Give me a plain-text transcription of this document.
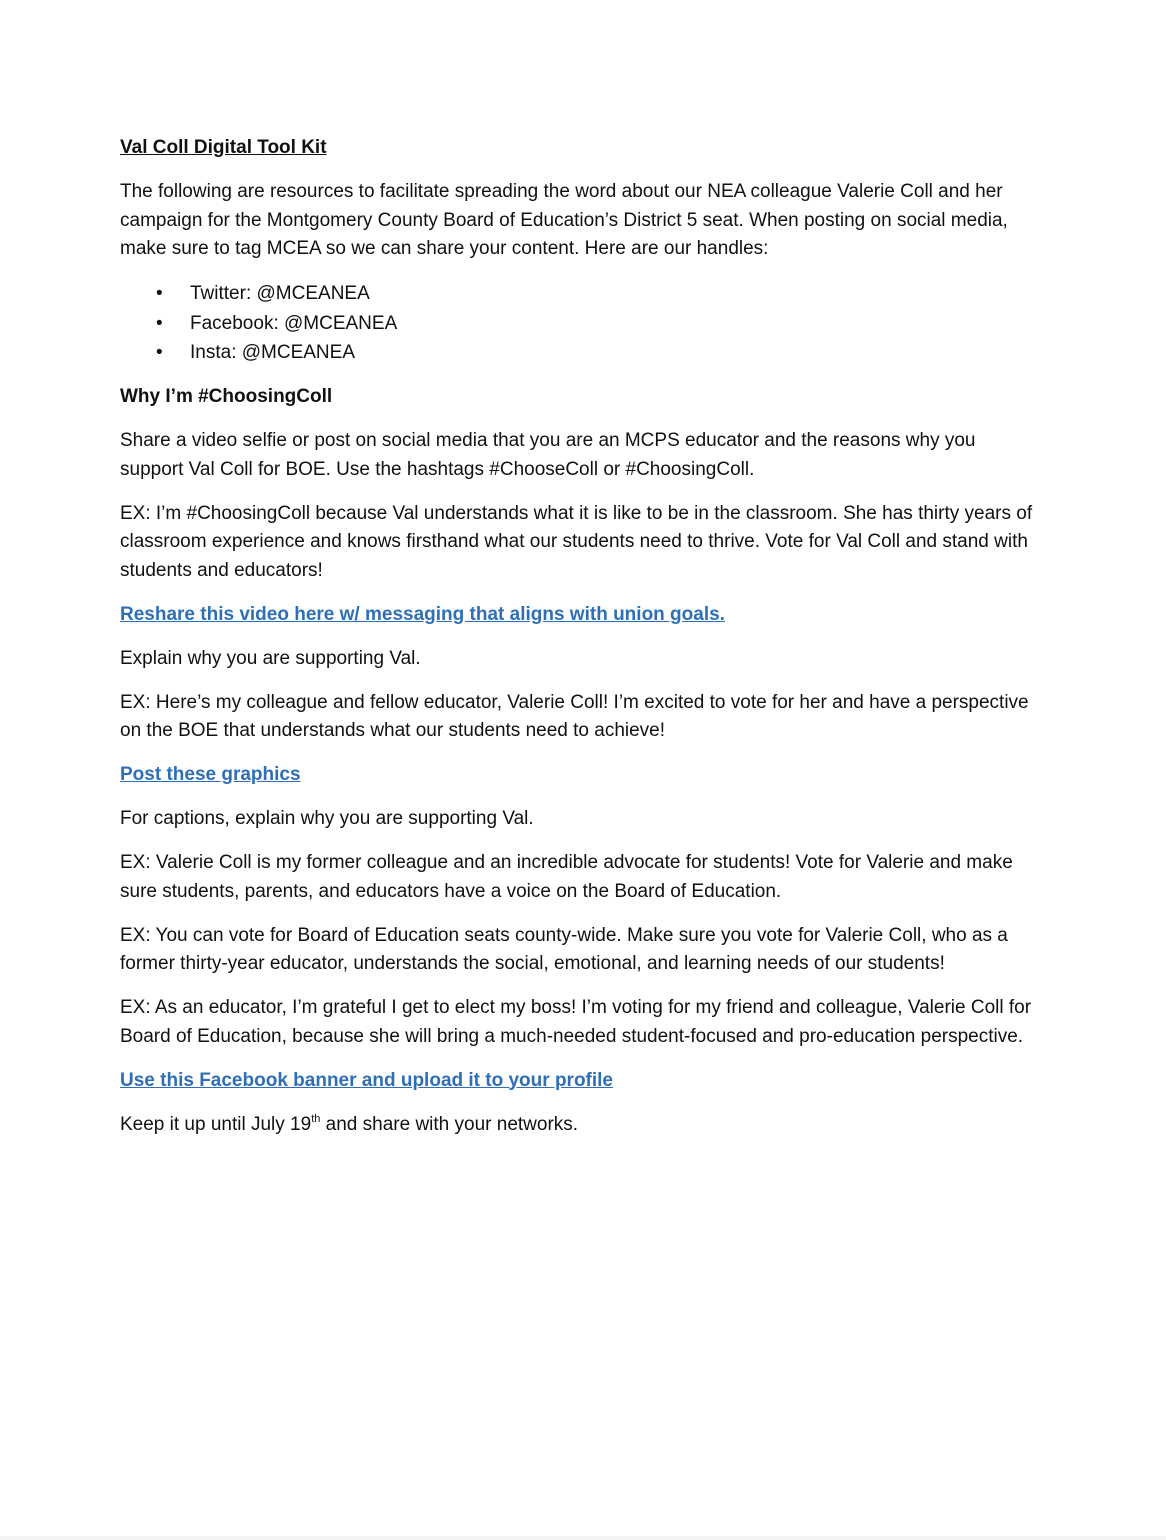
Val Coll Digital Tool Kit

The following are resources to facilitate spreading the word about our NEA colleague Valerie Coll and her campaign for the Montgomery County Board of Education’s District 5 seat. When posting on social media, make sure to tag MCEA so we can share your content. Here are our handles:

• Twitter: @MCEANEA
• Facebook: @MCEANEA
• Insta: @MCEANEA

Why I’m #ChoosingColl

Share a video selfie or post on social media that you are an MCPS educator and the reasons why you support Val Coll for BOE. Use the hashtags #ChooseColl or #ChoosingColl.

EX: I’m #ChoosingColl because Val understands what it is like to be in the classroom. She has thirty years of classroom experience and knows firsthand what our students need to thrive. Vote for Val Coll and stand with students and educators!

Reshare this video here w/ messaging that aligns with union goals.

Explain why you are supporting Val.

EX: Here’s my colleague and fellow educator, Valerie Coll! I’m excited to vote for her and have a perspective on the BOE that understands what our students need to achieve!

Post these graphics

For captions, explain why you are supporting Val.

EX: Valerie Coll is my former colleague and an incredible advocate for students! Vote for Valerie and make sure students, parents, and educators have a voice on the Board of Education.

EX: You can vote for Board of Education seats county-wide. Make sure you vote for Valerie Coll, who as a former thirty-year educator, understands the social, emotional, and learning needs of our students!

EX: As an educator, I’m grateful I get to elect my boss! I’m voting for my friend and colleague, Valerie Coll for Board of Education, because she will bring a much-needed student-focused and pro-education perspective.

Use this Facebook banner and upload it to your profile

Keep it up until July 19th and share with your networks.
